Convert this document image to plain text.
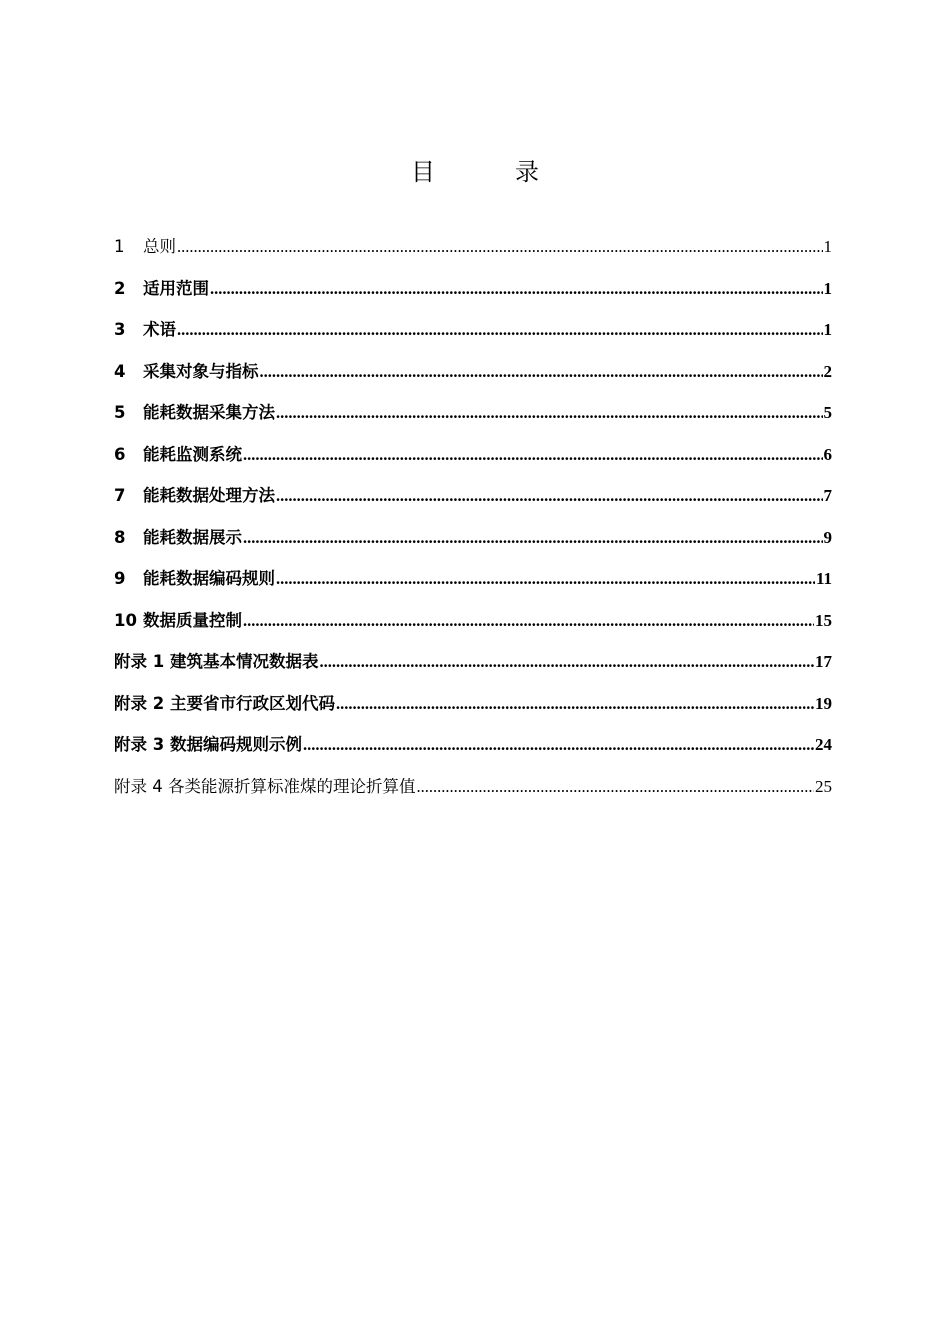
目　录
1 总则 .....	1
2 适用范围 .....	1
3 术语 .....	1
4 采集对象与指标 .....	2
5 能耗数据采集方法 .....	5
6 能耗监测系统 .....	6
7 能耗数据处理方法 .....	7
8 能耗数据展示 .....	9
9 能耗数据编码规则 .....	11
10 数据质量控制 .....	15
附录 1 建筑基本情况数据表 .....	17
附录 2 主要省市行政区划代码 .....	19
附录 3 数据编码规则示例 .....	24
附录 4 各类能源折算标准煤的理论折算值 .....	25
